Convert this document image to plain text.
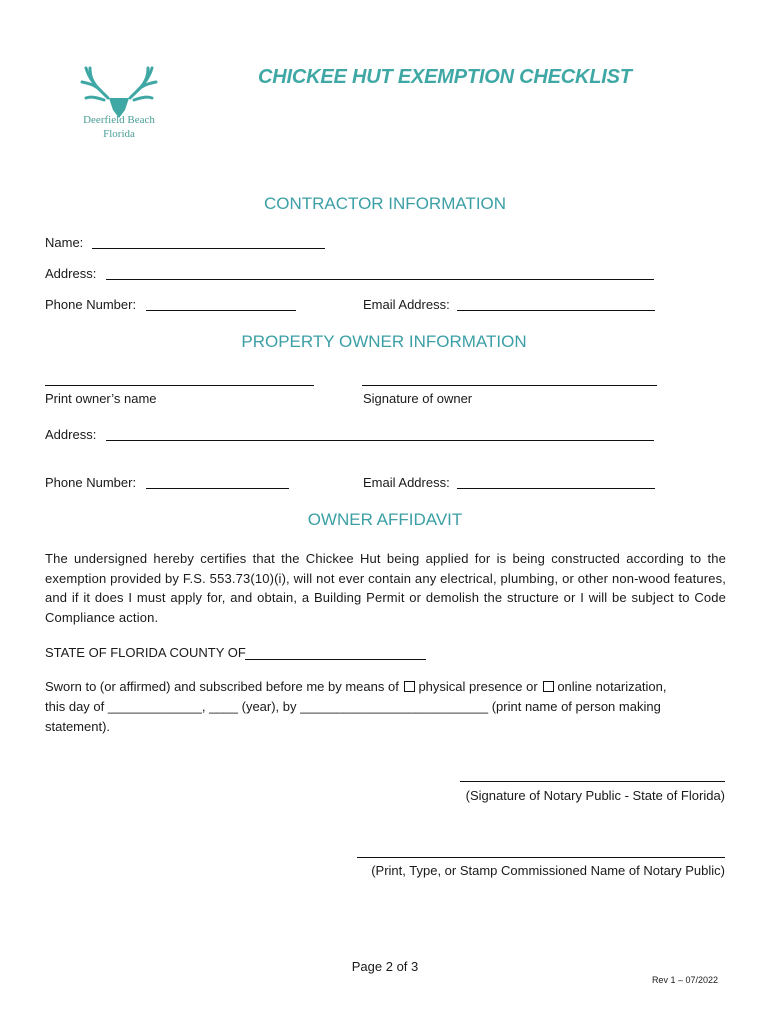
Deerfield Beach
Florida
CHICKEE HUT EXEMPTION CHECKLIST
CONTRACTOR INFORMATION
Name:
Address:
Phone Number:	Email Address:
PROPERTY OWNER INFORMATION
Print owner’s name	Signature of owner
Address:
Phone Number:	Email Address:
OWNER AFFIDAVIT
The undersigned hereby certifies that the Chickee Hut being applied for is being constructed according to the exemption provided by F.S. 553.73(10)(i), will not ever contain any electrical, plumbing, or other non-wood features, and if it does I must apply for, and obtain, a Building Permit or demolish the structure or I will be subject to Code Compliance action.
STATE OF FLORIDA COUNTY OF
Sworn to (or affirmed) and subscribed before me by means of physical presence or online notarization,
this day of _____________, ____ (year), by __________________________ (print name of person making
statement).
(Signature of Notary Public - State of Florida)
(Print, Type, or Stamp Commissioned Name of Notary Public)
Page 2 of 3
Rev 1 – 07/2022
